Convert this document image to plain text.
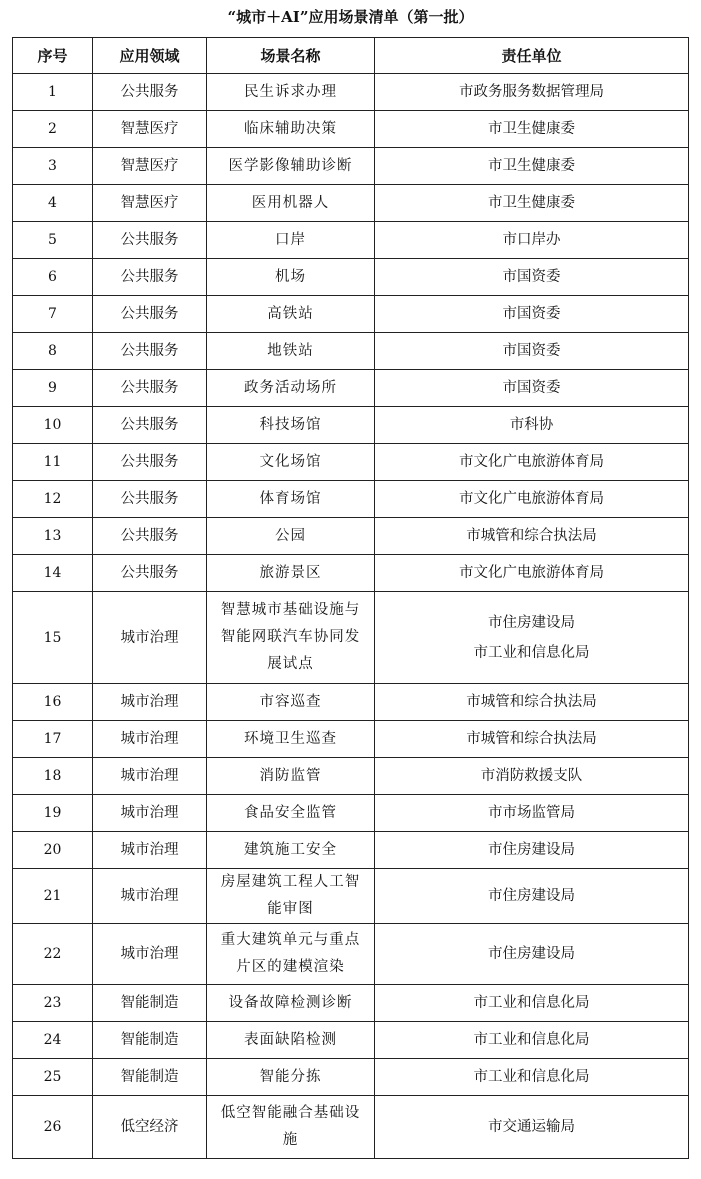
“城市＋AI”应用场景清单（第一批）
序号	应用领域	场景名称	责任单位
1	公共服务	民生诉求办理	市政务服务数据管理局

2	智慧医疗	临床辅助决策	市卫生健康委

3	智慧医疗	医学影像辅助诊断	市卫生健康委

4	智慧医疗	医用机器人	市卫生健康委

5	公共服务	口岸	市口岸办

6	公共服务	机场	市国资委

7	公共服务	高铁站	市国资委

8	公共服务	地铁站	市国资委

9	公共服务	政务活动场所	市国资委

10	公共服务	科技场馆	市科协

11	公共服务	文化场馆	市文化广电旅游体育局

12	公共服务	体育场馆	市文化广电旅游体育局

13	公共服务	公园	市城管和综合执法局

14	公共服务	旅游景区	市文化广电旅游体育局

15	城市治理	智慧城市基础设施与智能网联汽车协同发展试点	市住房建设局
市工业和信息化局

16	城市治理	市容巡查	市城管和综合执法局

17	城市治理	环境卫生巡查	市城管和综合执法局

18	城市治理	消防监管	市消防救援支队

19	城市治理	食品安全监管	市市场监管局

20	城市治理	建筑施工安全	市住房建设局

21	城市治理	房屋建筑工程人工智能审图	市住房建设局

22	城市治理	重大建筑单元与重点片区的建模渲染	市住房建设局

23	智能制造	设备故障检测诊断	市工业和信息化局

24	智能制造	表面缺陷检测	市工业和信息化局

25	智能制造	智能分拣	市工业和信息化局

26	低空经济	低空智能融合基础设施	市交通运输局
